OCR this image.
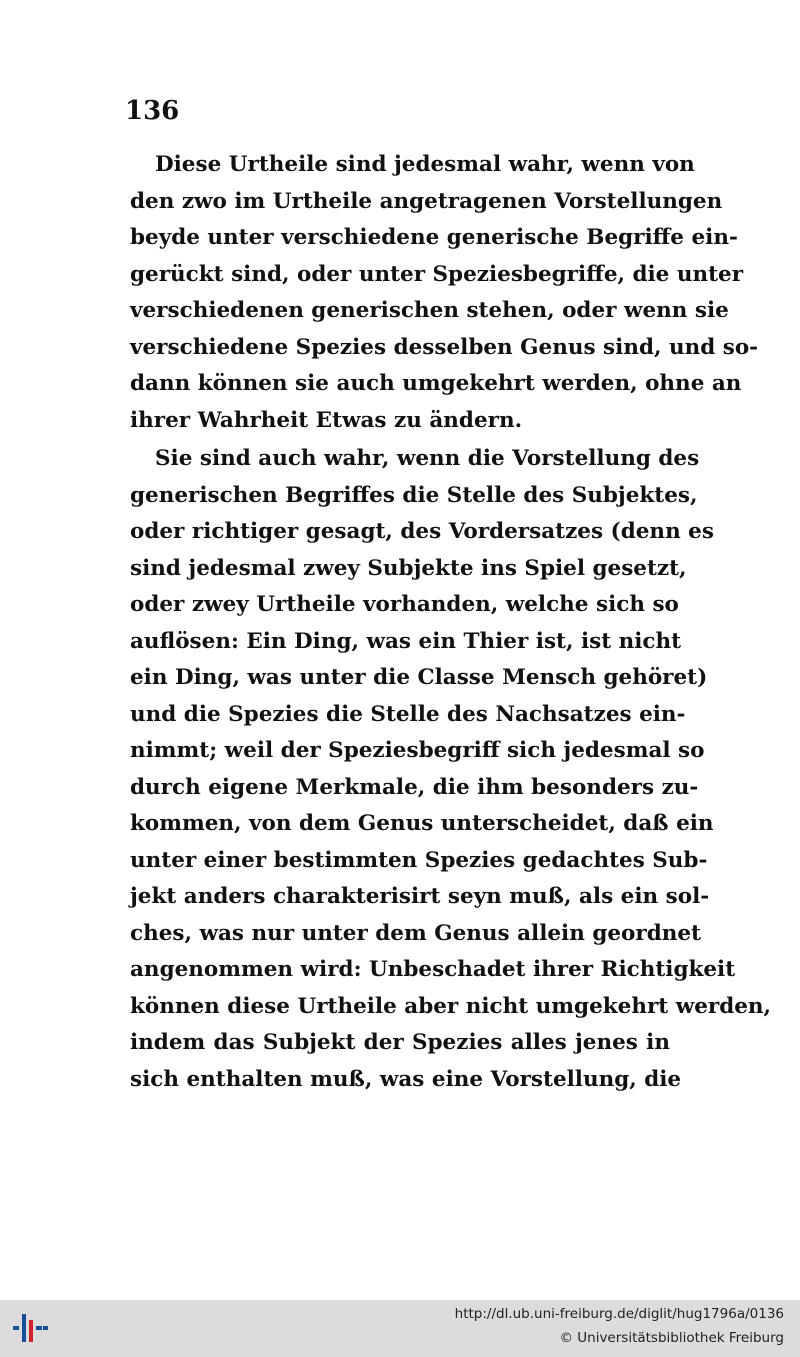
136
Diese Urtheile sind jedesmal wahr, wenn von
den zwo im Urtheile angetragenen Vorstellungen
beyde unter verschiedene generische Begriffe ein-
gerückt sind, oder unter Speziesbegriffe, die unter
verschiedenen generischen stehen, oder wenn sie
verschiedene Spezies desselben Genus sind, und so-
dann können sie auch umgekehrt werden, ohne an
ihrer Wahrheit Etwas zu ändern.
Sie sind auch wahr, wenn die Vorstellung des
generischen Begriffes die Stelle des Subjektes,
oder richtiger gesagt, des Vordersatzes (denn es
sind jedesmal zwey Subjekte ins Spiel gesetzt,
oder zwey Urtheile vorhanden, welche sich so
auflösen: Ein Ding, was ein Thier ist, ist nicht
ein Ding, was unter die Classe Mensch gehöret)
und die Spezies die Stelle des Nachsatzes ein-
nimmt; weil der Speziesbegriff sich jedesmal so
durch eigene Merkmale, die ihm besonders zu-
kommen, von dem Genus unterscheidet, daß ein
unter einer bestimmten Spezies gedachtes Sub-
jekt anders charakterisirt seyn muß, als ein sol-
ches, was nur unter dem Genus allein geordnet
angenommen wird: Unbeschadet ihrer Richtigkeit
können diese Urtheile aber nicht umgekehrt werden,
indem das Subjekt der Spezies alles jenes in
sich enthalten muß, was eine Vorstellung, die
http://dl.ub.uni-freiburg.de/diglit/hug1796a/0136
© Universitätsbibliothek Freiburg
